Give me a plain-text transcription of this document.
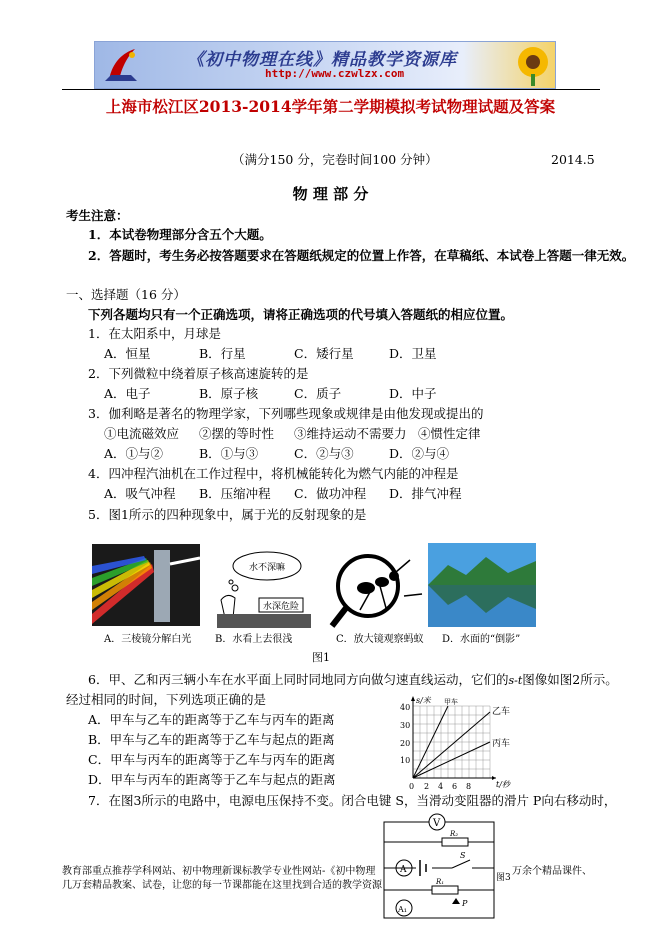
《初中物理在线》精品教学资源库
http://www.czwlzx.com
上海市松江区2013-2014学年第二学期模拟考试物理试题及答案
（满分150 分，完卷时间100 分钟）	2014.5
物 理 部 分
考生注意：
1．本试卷物理部分含五个大题。
2．答题时，考生务必按答题要求在答题纸规定的位置上作答，在草稿纸、本试卷上答题一律无效。
一、选择题（16 分）
下列各题均只有一个正确选项，请将正确选项的代号填入答题纸的相应位置。
1．在太阳系中，月球是
A．恒星	B．行星	C．矮行星	D．卫星
2．下列微粒中绕着原子核高速旋转的是
A．电子	B．原子核	C．质子	D．中子
3．伽利略是著名的物理学家，下列哪些现象或规律是由他发现或提出的
①电流磁效应 ②摆的等时性 ③维持运动不需要力 ④惯性定律
A．①与②	B．①与③	C．②与③	D．②与④
4．四冲程汽油机在工作过程中，将机械能转化为燃气内能的冲程是
A．吸气冲程 B．压缩冲程 C．做功冲程 D．排气冲程
5．图1所示的四种现象中，属于光的反射现象的是
A．三棱镜分解白光
水不深嘛
水深危险
B．水看上去很浅	C．放大镜观察蚂蚁 D．水面的“倒影”
图1
6．甲、乙和丙三辆小车在水平面上同时同地同方向做匀速直线运动，它们的s-t图像如图2所示。
经过相同的时间，下列选项正确的是
A．甲车与乙车的距离等于乙车与丙车的距离
B．甲车与乙车的距离等于乙车与起点的距离
C．甲车与丙车的距离等于乙车与丙车的距离
D．甲车与丙车的距离等于乙车与起点的距离
s/米
t/秒
10
20
30
40
0 2 4 6 8
甲车
乙车
丙车
7．在图3所示的电路中，电源电压保持不变。闭合电键 S，当滑动变阻器的滑片 P向右移动时，
V
R₂
A
S
R₁
P
A₁
图3
教育部重点推荐学科网站、初中物理新课标教学专业性网站-《初中物理
几万套精品教案、试卷，让您的每一节课都能在这里找到合适的教学资源
万余个精品课件、
